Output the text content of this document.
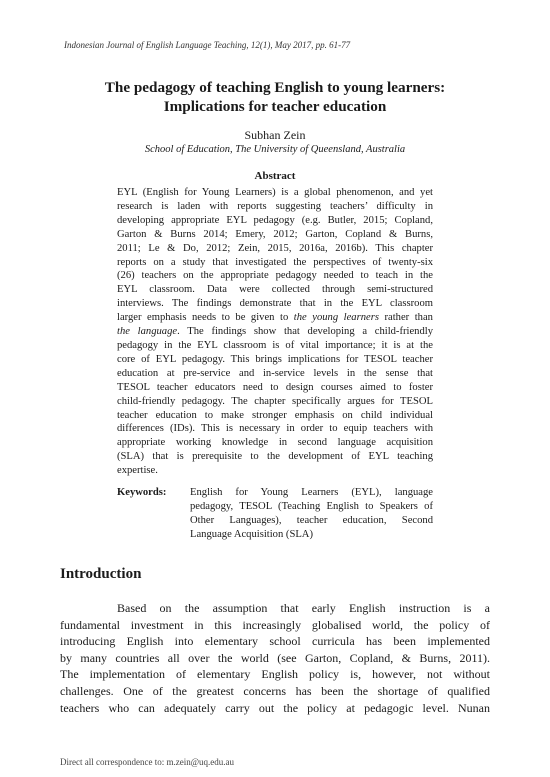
Indonesian Journal of English Language Teaching, 12(1), May 2017, pp. 61-77
The pedagogy of teaching English to young learners:
Implications for teacher education
Subhan Zein
School of Education, The University of Queensland, Australia
Abstract
EYL (English for Young Learners) is a global phenomenon, and yet
research is laden with reports suggesting teachers’ difficulty in
developing appropriate EYL pedagogy (e.g. Butler, 2015; Copland,
Garton & Burns 2014; Emery, 2012; Garton, Copland & Burns,
2011; Le & Do, 2012; Zein, 2015, 2016a, 2016b). This chapter
reports on a study that investigated the perspectives of twenty-six
(26) teachers on the appropriate pedagogy needed to teach in the
EYL classroom. Data were collected through semi-structured
interviews. The findings demonstrate that in the EYL classroom
larger emphasis needs to be given to the young learners rather than
the language. The findings show that developing a child-friendly
pedagogy in the EYL classroom is of vital importance; it is at the
core of EYL pedagogy. This brings implications for TESOL teacher
education at pre-service and in-service levels in the sense that
TESOL teacher educators need to design courses aimed to foster
child-friendly pedagogy. The chapter specifically argues for TESOL
teacher education to make stronger emphasis on child individual
differences (IDs). This is necessary in order to equip teachers with
appropriate working knowledge in second language acquisition
(SLA) that is prerequisite to the development of EYL teaching
expertise.
Keywords: English for Young Learners (EYL), language
pedagogy, TESOL (Teaching English to Speakers of
Other Languages), teacher education, Second
Language Acquisition (SLA)
Introduction
Based on the assumption that early English instruction is a
fundamental investment in this increasingly globalised world, the policy of
introducing English into elementary school curricula has been implemented
by many countries all over the world (see Garton, Copland, & Burns, 2011).
The implementation of elementary English policy is, however, not without
challenges. One of the greatest concerns has been the shortage of qualified
teachers who can adequately carry out the policy at pedagogic level. Nunan
Direct all correspondence to: m.zein@uq.edu.au
